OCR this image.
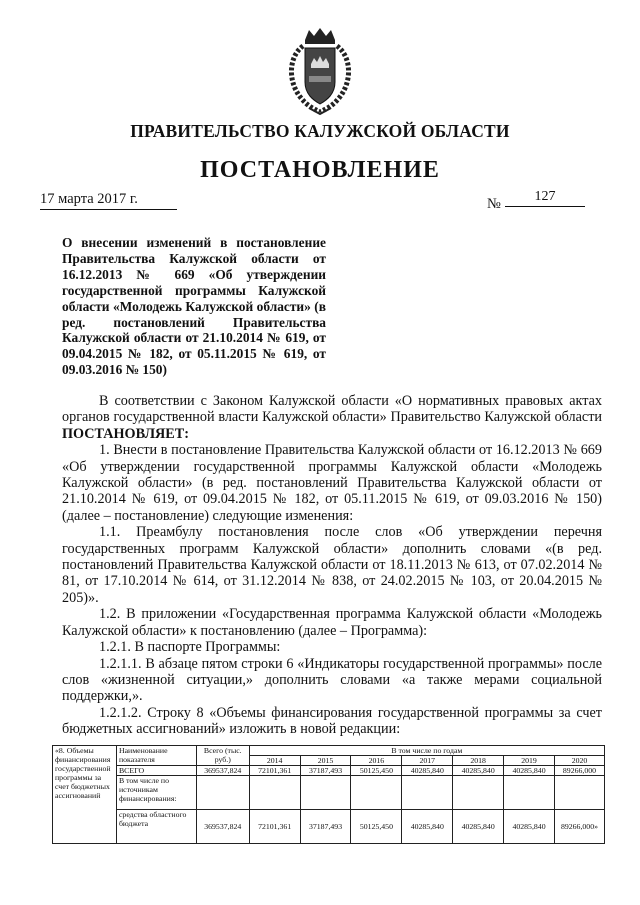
ПРАВИТЕЛЬСТВО КАЛУЖСКОЙ ОБЛАСТИ
ПОСТАНОВЛЕНИЕ
17 марта 2017 г.	№	127
О внесении изменений в постановление Правительства Калужской области от 16.12.2013 № 669 «Об утверждении государственной программы Калужской области «Молодежь Калужской области» (в ред. постановлений Правительства Калужской области от 21.10.2014 № 619, от 09.04.2015 № 182, от 05.11.2015 № 619, от 09.03.2016 № 150)

В соответствии с Законом Калужской области «О нормативных правовых актах органов государственной власти Калужской области» Правительство Калужской области ПОСТАНОВЛЯЕТ:

1. Внести в постановление Правительства Калужской области от 16.12.2013 № 669 «Об утверждении государственной программы Калужской области «Молодежь Калужской области» (в ред. постановлений Правительства Калужской области от 21.10.2014 № 619, от 09.04.2015 № 182, от 05.11.2015 № 619, от 09.03.2016 № 150) (далее – постановление) следующие изменения:

1.1. Преамбулу постановления после слов «Об утверждении перечня государственных программ Калужской области» дополнить словами «(в ред. постановлений Правительства Калужской области от 18.11.2013 № 613, от 07.02.2014 № 81, от 17.10.2014 № 614, от 31.12.2014 № 838, от 24.02.2015 № 103, от 20.04.2015 № 205)».

1.2. В приложении «Государственная программа Калужской области «Молодежь Калужской области» к постановлению (далее – Программа):

1.2.1. В паспорте Программы:

1.2.1.1. В абзаце пятом строки 6 «Индикаторы государственной программы» после слов «жизненной ситуации,» дополнить словами «а также мерами социальной поддержки,».

1.2.1.2. Строку 8 «Объемы финансирования государственной программы за счет бюджетных ассигнований» изложить в новой редакции:

«8. Объемы финансирования государственной программы за счет бюджетных ассигнований	Наименование показателя	Всего (тыс. руб.)	В том числе по годам						
			2014	2015	2016	2017	2018	2019	2020
	ВСЕГО	369537,824	72101,361	37187,493	50125,450	40285,840	40285,840	40285,840	89266,000
	В том числе по источникам финансирования:								
	средства областного бюджета	369537,824	72101,361	37187,493	50125,450	40285,840	40285,840	40285,840	89266,000»
